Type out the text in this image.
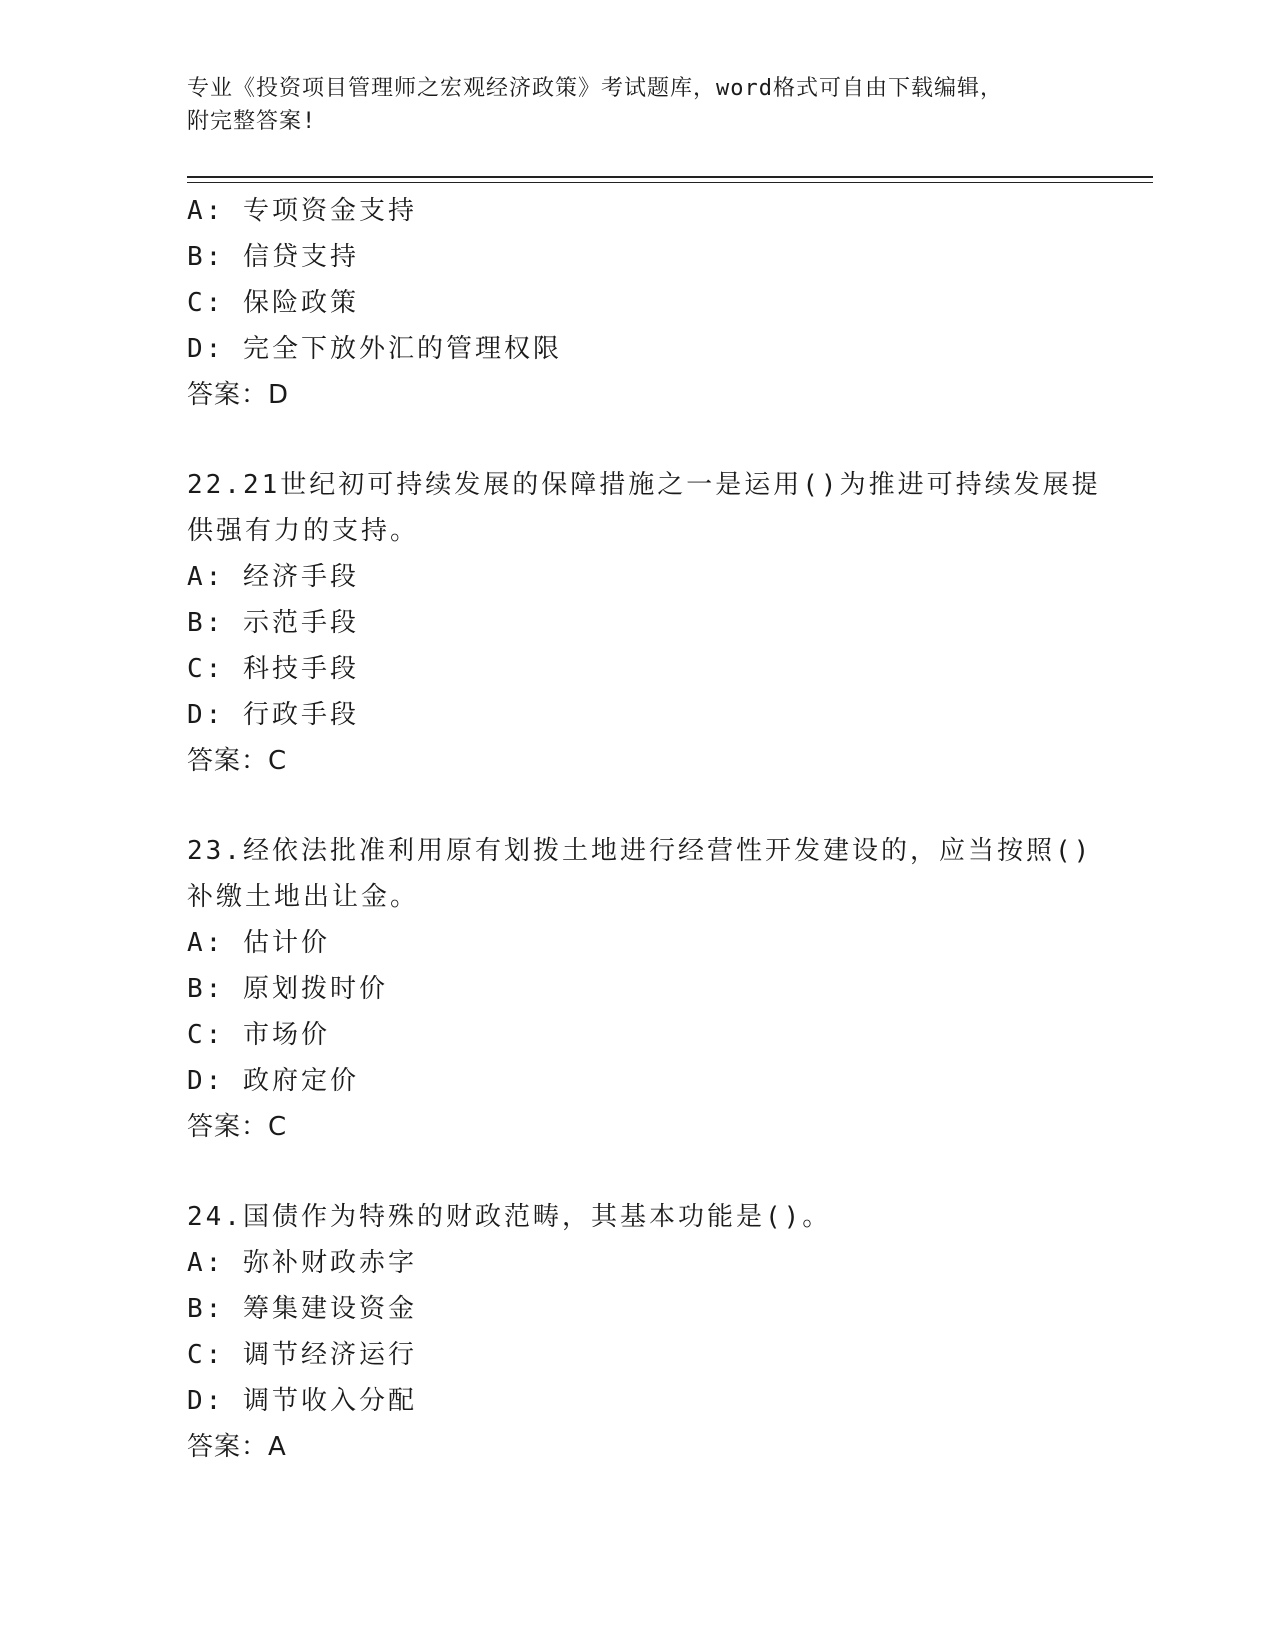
专业《投资项目管理师之宏观经济政策》考试题库，word格式可自由下载编辑，
附完整答案!
A: 专项资金支持
B: 信贷支持
C: 保险政策
D: 完全下放外汇的管理权限
答案：D
22.21世纪初可持续发展的保障措施之一是运用()为推进可持续发展提
供强有力的支持。
A: 经济手段
B: 示范手段
C: 科技手段
D: 行政手段
答案：C
23.经依法批准利用原有划拨土地进行经营性开发建设的，应当按照()
补缴土地出让金。
A: 估计价
B: 原划拨时价
C: 市场价
D: 政府定价
答案：C
24.国债作为特殊的财政范畴，其基本功能是()。
A: 弥补财政赤字
B: 筹集建设资金
C: 调节经济运行
D: 调节收入分配
答案：A
